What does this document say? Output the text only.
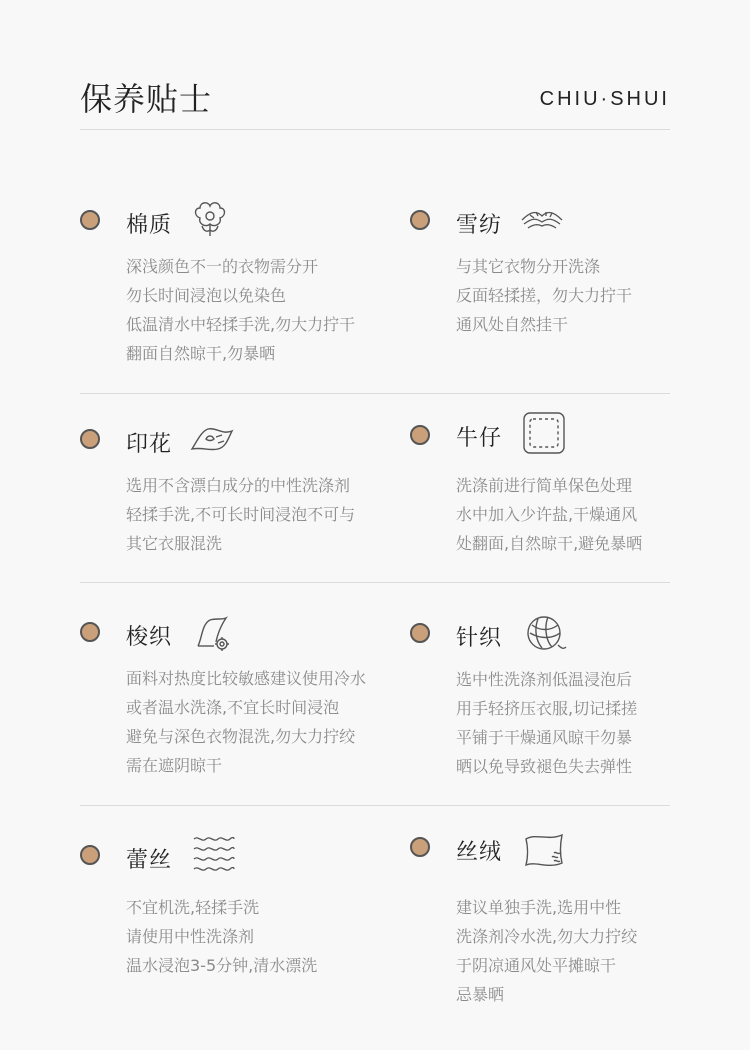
保养贴士	CHIU·SHUI
棉质
深浅颜色不一的衣物需分开
勿长时间浸泡以免染色
低温清水中轻揉手洗,勿大力拧干
翻面自然晾干,勿暴晒
雪纺
与其它衣物分开洗涤
反面轻揉搓，勿大力拧干
通风处自然挂干
印花
选用不含漂白成分的中性洗涤剂
轻揉手洗,不可长时间浸泡不可与
其它衣服混洗
牛仔
洗涤前进行简单保色处理
水中加入少许盐,干燥通风
处翻面,自然晾干,避免暴晒
梭织
面料对热度比较敏感建议使用冷水
或者温水洗涤,不宜长时间浸泡
避免与深色衣物混洗,勿大力拧绞
需在遮阴晾干
针织
选中性洗涤剂低温浸泡后
用手轻挤压衣服,切记揉搓
平铺于干燥通风晾干勿暴
晒以免导致褪色失去弹性
蕾丝
不宜机洗,轻揉手洗
请使用中性洗涤剂
温水浸泡3-5分钟,清水漂洗
丝绒
建议单独手洗,选用中性
洗涤剂冷水洗,勿大力拧绞
于阴凉通风处平摊晾干
忌暴晒
